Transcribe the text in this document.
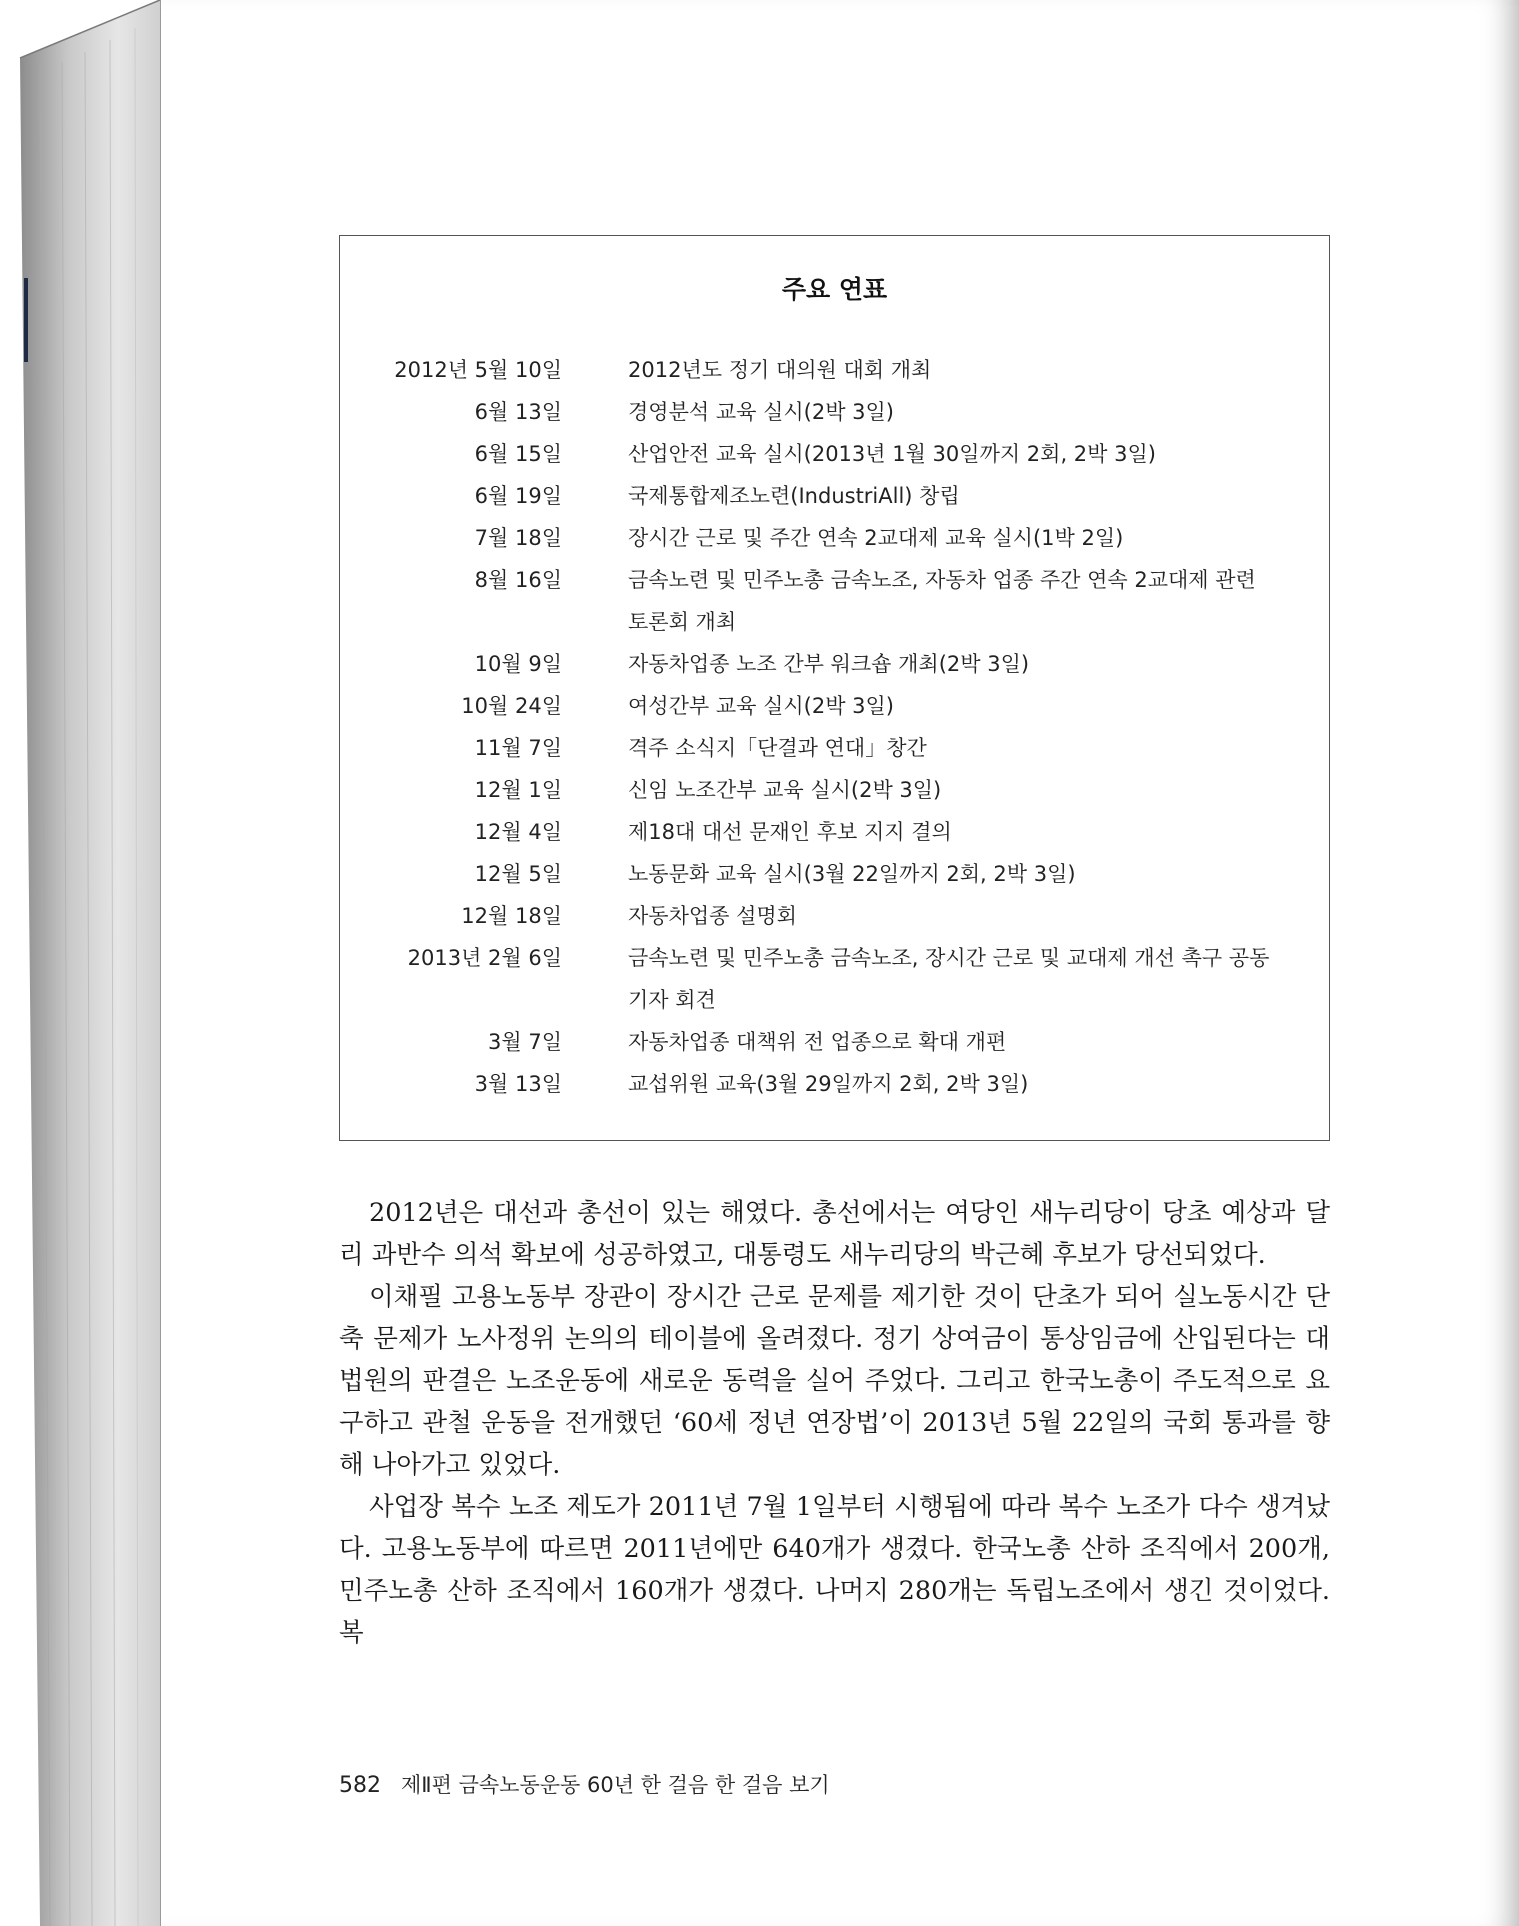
주요 연표
2012년 5월 10일	2012년도 정기 대의원 대회 개최
6월 13일	경영분석 교육 실시(2박 3일)
6월 15일	산업안전 교육 실시(2013년 1월 30일까지 2회, 2박 3일)
6월 19일	국제통합제조노련(IndustriAll) 창립
7월 18일	장시간 근로 및 주간 연속 2교대제 교육 실시(1박 2일)
8월 16일	금속노련 및 민주노총 금속노조, 자동차 업종 주간 연속 2교대제 관련
토론회 개최
10월 9일	자동차업종 노조 간부 워크숍 개최(2박 3일)
10월 24일	여성간부 교육 실시(2박 3일)
11월 7일	격주 소식지「단결과 연대」창간
12월 1일	신임 노조간부 교육 실시(2박 3일)
12월 4일	제18대 대선 문재인 후보 지지 결의
12월 5일	노동문화 교육 실시(3월 22일까지 2회, 2박 3일)
12월 18일	자동차업종 설명회
2013년 2월 6일	금속노련 및 민주노총 금속노조, 장시간 근로 및 교대제 개선 촉구 공동
기자 회견
3월 7일	자동차업종 대책위 전 업종으로 확대 개편
3월 13일	교섭위원 교육(3월 29일까지 2회, 2박 3일)

2012년은 대선과 총선이 있는 해였다. 총선에서는 여당인 새누리당이 당초 예상과 달리 과반수 의석 확보에 성공하였고, 대통령도 새누리당의 박근혜 후보가 당선되었다.

이채필 고용노동부 장관이 장시간 근로 문제를 제기한 것이 단초가 되어 실노동시간 단축 문제가 노사정위 논의의 테이블에 올려졌다. 정기 상여금이 통상임금에 산입된다는 대법원의 판결은 노조운동에 새로운 동력을 실어 주었다. 그리고 한국노총이 주도적으로 요구하고 관철 운동을 전개했던 ‘60세 정년 연장법’이 2013년 5월 22일의 국회 통과를 향해 나아가고 있었다.

사업장 복수 노조 제도가 2011년 7월 1일부터 시행됨에 따라 복수 노조가 다수 생겨났다. 고용노동부에 따르면 2011년에만 640개가 생겼다. 한국노총 산하 조직에서 200개, 민주노총 산하 조직에서 160개가 생겼다. 나머지 280개는 독립노조에서 생긴 것이었다. 복

582 제Ⅱ편 금속노동운동 60년 한 걸음 한 걸음 보기
